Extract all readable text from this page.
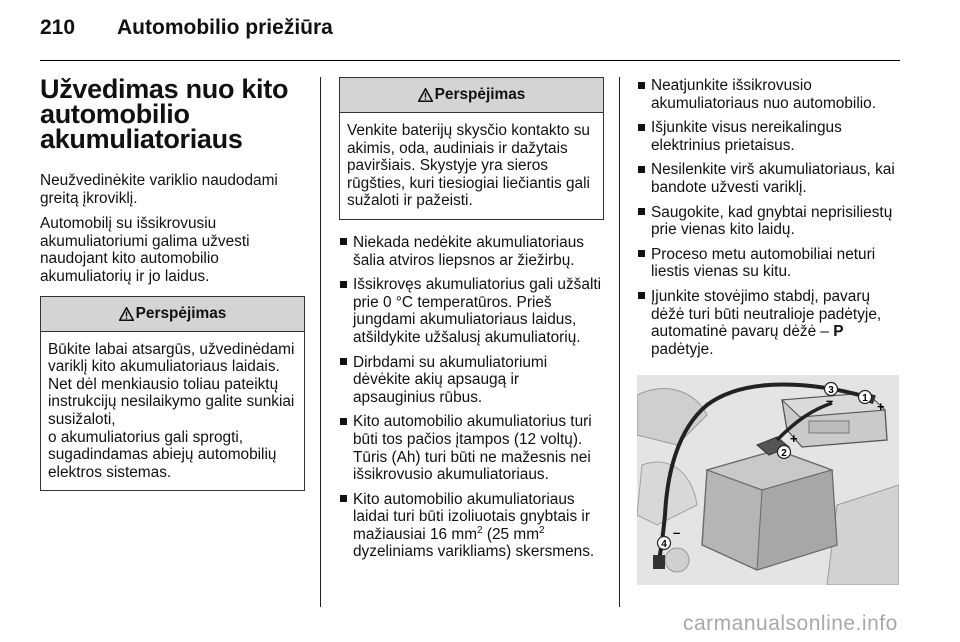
210 Automobilio priežiūra
Užvedimas nuo kito
automobilio
akumuliatoriaus

Neužvedinėkite variklio naudodami greitą įkroviklį.

Automobilį su išsikrovusiu akumuliatoriumi galima užvesti naudojant kito automobilio akumuliatorių ir jo laidus.

Perspėjimas
Būkite labai atsargūs, užvedinėdami variklį kito akumuliatoriaus laidais. Net dėl menkiausio toliau pateiktų instrukcijų nesilaikymo galite sunkiai susižaloti,
o akumuliatorius gali sprogti, sugadindamas abiejų automobilių elektros sistemas.
Perspėjimas
Venkite baterijų skysčio kontakto su akimis, oda, audiniais ir dažytais paviršiais. Skystyje yra sieros rūgšties, kuri tiesiogiai liečiantis gali sužaloti ir pažeisti.
Niekada nedėkite akumuliatoriaus šalia atviros liepsnos ar žiežirbų.
Išsikrovęs akumuliatorius gali užšalti prie 0 °C temperatūros. Prieš jungdami akumuliatoriaus laidus, atšildykite užšalusį akumuliatorių.
Dirbdami su akumuliatoriumi dėvėkite akių apsaugą ir apsauginius rūbus.
Kito automobilio akumuliatorius turi būti tos pačios įtampos (12 voltų). Tūris (Ah) turi būti ne mažesnis nei išsikrovusio akumuliatoriaus.
Kito automobilio akumuliatoriaus laidai turi būti izoliuotais gnybtais ir mažiausiai 16 $mm^2$ (25 $mm^2$ dyzeliniams varikliams) skersmens.
Neatjunkite išsikrovusio akumuliatoriaus nuo automobilio.
Išjunkite visus nereikalingus elektrinius prietaisus.
Nesilenkite virš akumuliatoriaus, kai bandote užvesti variklį.
Saugokite, kad gnybtai neprisiliestų prie vienas kito laidų.
Proceso metu automobiliai neturi liestis vienas su kitu.
Įjunkite stovėjimo stabdį, pavarų dėžė turi būti neutralioje padėtyje, automatinė pavarų dėžė – P padėtyje.
1
2
3
4
+
+
–
–
carmanualsonline.info
